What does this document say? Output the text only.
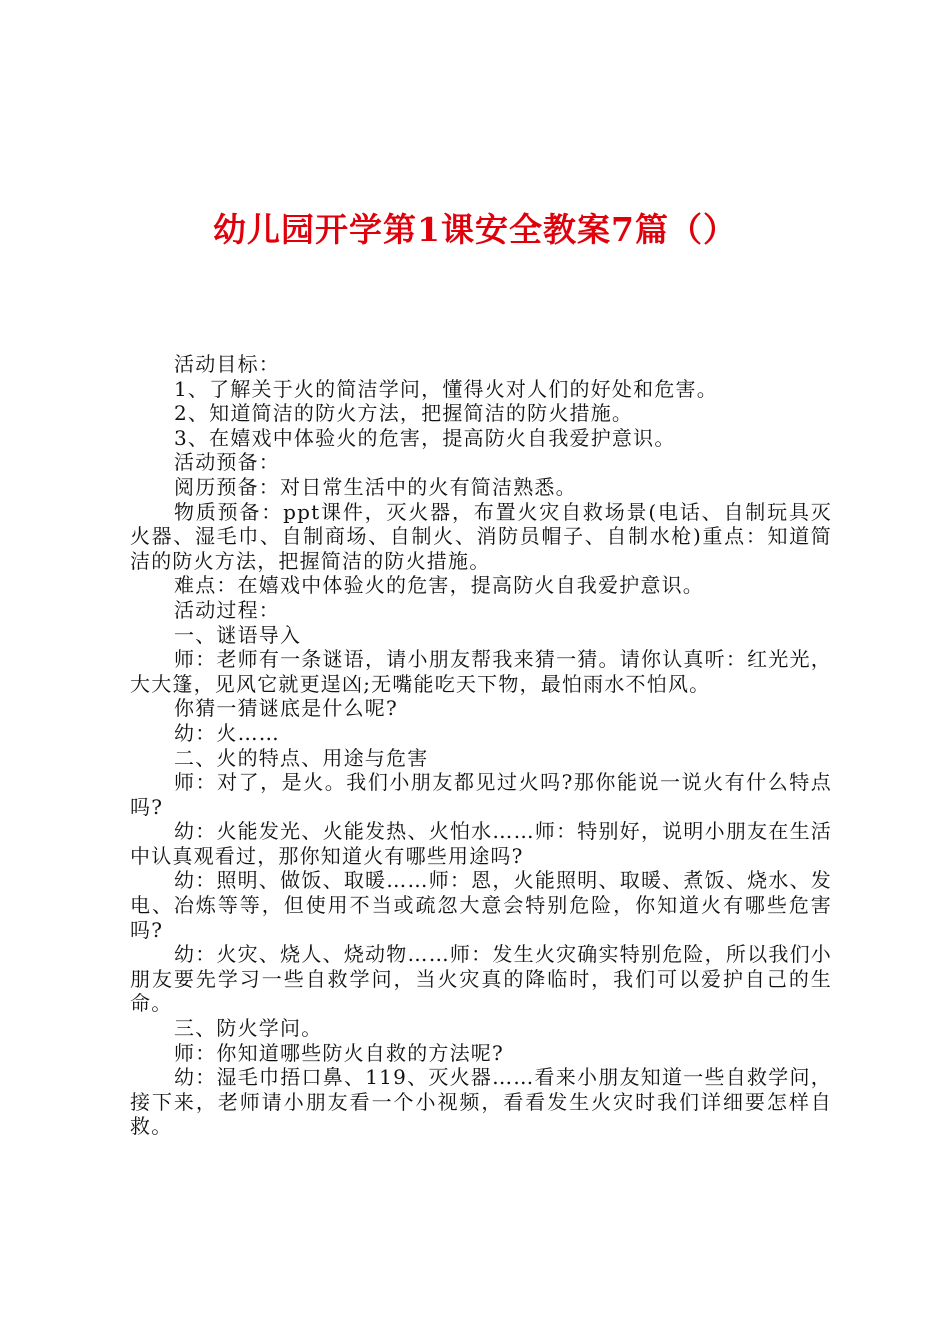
幼儿园开学第1课安全教案7篇（）

活动目标：

1、了解关于火的简洁学问，懂得火对人们的好处和危害。

2、知道简洁的防火方法，把握简洁的防火措施。

3、在嬉戏中体验火的危害，提高防火自我爱护意识。

活动预备：

阅历预备：对日常生活中的火有简洁熟悉。

物质预备：ppt课件，灭火器，布置火灾自救场景(电话、自制玩具灭火器、湿毛巾、自制商场、自制火、消防员帽子、自制水枪)重点：知道简洁的防火方法，把握简洁的防火措施。

难点：在嬉戏中体验火的危害，提高防火自我爱护意识。

活动过程：

一、谜语导入

师：老师有一条谜语，请小朋友帮我来猜一猜。请你认真听：红光光，大大篷，见风它就更逞凶;无嘴能吃天下物，最怕雨水不怕风。

你猜一猜谜底是什么呢?

幼：火……

二、火的特点、用途与危害

师：对了，是火。我们小朋友都见过火吗?那你能说一说火有什么特点吗?

幼：火能发光、火能发热、火怕水……师：特别好，说明小朋友在生活中认真观看过，那你知道火有哪些用途吗?

幼：照明、做饭、取暖……师：恩，火能照明、取暖、煮饭、烧水、发电、冶炼等等，但使用不当或疏忽大意会特别危险，你知道火有哪些危害吗?

幼：火灾、烧人、烧动物……师：发生火灾确实特别危险，所以我们小朋友要先学习一些自救学问，当火灾真的降临时，我们可以爱护自己的生命。

三、防火学问。

师：你知道哪些防火自救的方法呢?

幼：湿毛巾捂口鼻、119、灭火器……看来小朋友知道一些自救学问，接下来，老师请小朋友看一个小视频，看看发生火灾时我们详细要怎样自救。
